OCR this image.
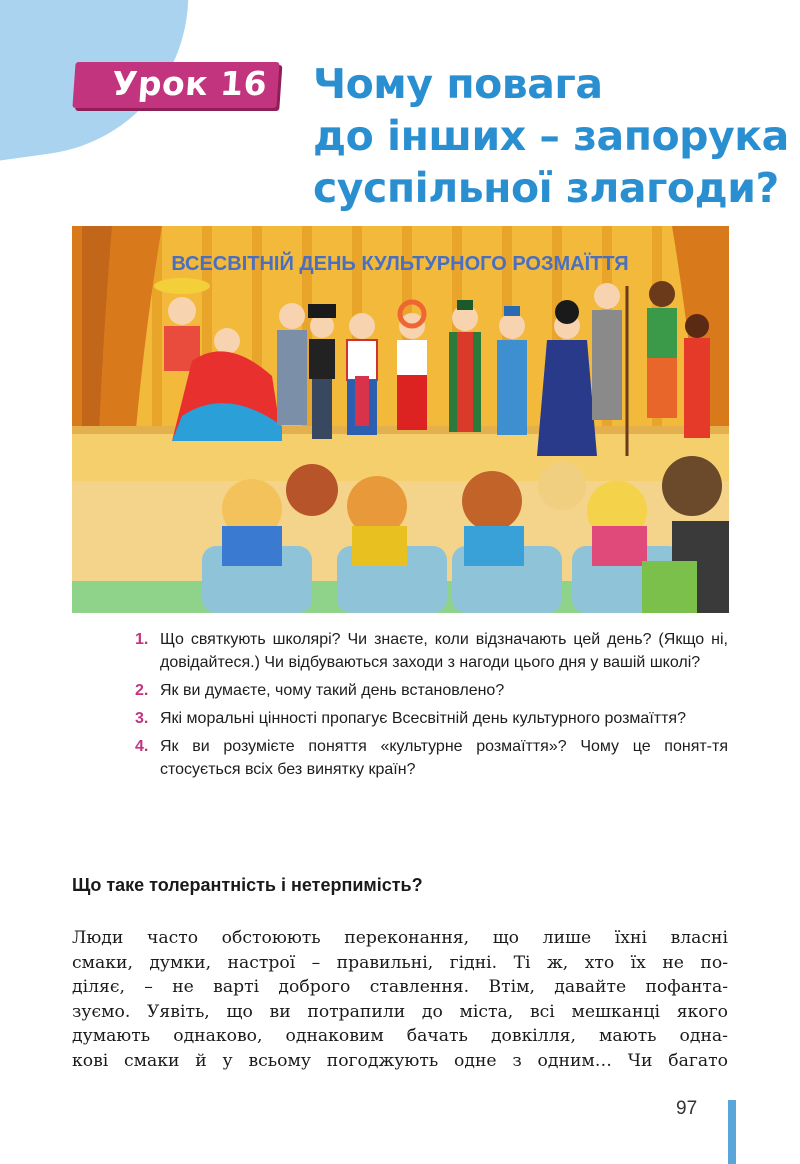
Урок 16 Чому повага
до інших – запорука
суспільної злагоди?
ВСЕСВІТНІЙ ДЕНЬ КУЛЬТУРНОГО РОЗМАЇТТЯ
1. Що святкують школярі? Чи знаєте, коли відзначають цей день? (Якщо ні, довідайтеся.) Чи відбуваються заходи з нагоди цього дня у вашій школі?
2. Як ви думаєте, чому такий день встановлено?
3. Які моральні цінності пропагує Всесвітній день культурного розмаїття?
4. Як ви розумієте поняття «культурне розмаїття»? Чому це понят-тя стосується всіх без винятку країн?
Що таке толерантність і нетерпимість?

Люди часто обстоюють переконання, що лише їхні власні
смаки, думки, настрої – правильні, гідні. Ті ж, хто їх не по-
діляє, – не варті доброго ставлення. Втім, давайте пофанта-
зуємо. Уявіть, що ви потрапили до міста, всі мешканці якого
думають однаково, однаковим бачать довкілля, мають одна-
кові смаки й у всьому погоджують одне з одним… Чи багато

97
